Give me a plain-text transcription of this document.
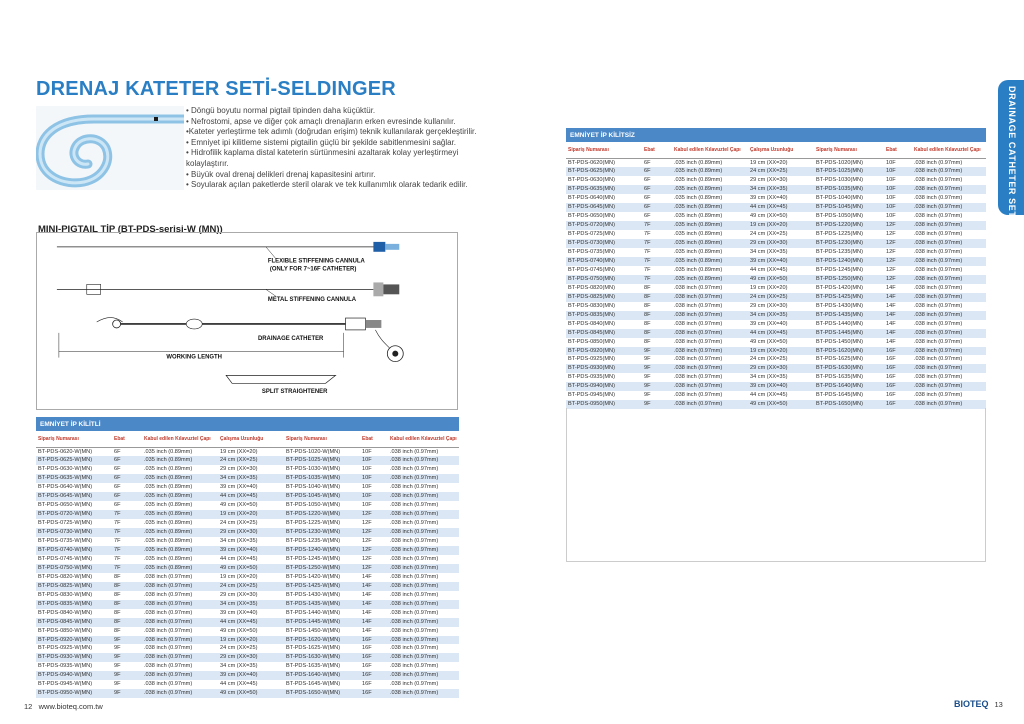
DRENAJ KATETER SETİ-SELDINGER
• Döngü boyutu normal pigtail tipinden daha küçüktür.
• Nefrostomi, apse ve diğer çok amaçlı drenajların erken evresinde kullanılır.
•Kateter yerleştirme tek adımlı (doğrudan erişim) teknik kullanılarak gerçekleştirilir.
• Emniyet ipi kilitleme sistemi pigtailin güçlü bir şekilde sabitlenmesini sağlar.
• Hidrofilik kaplama distal kateterin sürtünmesini azaltarak kolay yerleştirmeyi kolaylaştırır.
• Büyük oval drenaj delikleri drenaj kapasitesini artırır.
• Soyularak açılan paketlerde steril olarak ve tek kullanımlık olarak tedarik edilir.
MINI-PIGTAIL TİP (BT-PDS-serisi-W (MN))
FLEXIBLE STIFFENING CANNULA
(ONLY FOR 7~16F CATHETER)
METAL STIFFENING CANNULA
DRAINAGE CATHETER
WORKING LENGTH
SPLIT STRAIGHTENER
EMNİYET İP KİLİTLİ
Sipariş Numarası	Ebat	Kabul edilen Kılavuztel Çapı	Çalışma Uzunluğu	Sipariş Numarası	Ebat	Kabul edilen Kılavuztel Çapı
BT-PDS-0620-W(MN)	6F	.035 inch (0.89mm)	19 cm (XX=20)	BT-PDS-1020-W(MN)	10F	.038 inch (0.97mm)
BT-PDS-0625-W(MN)	6F	.035 inch (0.89mm)	24 cm (XX=25)	BT-PDS-1025-W(MN)	10F	.038 inch (0.97mm)
BT-PDS-0630-W(MN)	6F	.035 inch (0.89mm)	29 cm (XX=30)	BT-PDS-1030-W(MN)	10F	.038 inch (0.97mm)
BT-PDS-0635-W(MN)	6F	.035 inch (0.89mm)	34 cm (XX=35)	BT-PDS-1035-W(MN)	10F	.038 inch (0.97mm)
BT-PDS-0640-W(MN)	6F	.035 inch (0.89mm)	39 cm (XX=40)	BT-PDS-1040-W(MN)	10F	.038 inch (0.97mm)
BT-PDS-0645-W(MN)	6F	.035 inch (0.89mm)	44 cm (XX=45)	BT-PDS-1045-W(MN)	10F	.038 inch (0.97mm)
BT-PDS-0650-W(MN)	6F	.035 inch (0.89mm)	49 cm (XX=50)	BT-PDS-1050-W(MN)	10F	.038 inch (0.97mm)
BT-PDS-0720-W(MN)	7F	.035 inch (0.89mm)	19 cm (XX=20)	BT-PDS-1220-W(MN)	12F	.038 inch (0.97mm)
BT-PDS-0725-W(MN)	7F	.035 inch (0.89mm)	24 cm (XX=25)	BT-PDS-1225-W(MN)	12F	.038 inch (0.97mm)
BT-PDS-0730-W(MN)	7F	.035 inch (0.89mm)	29 cm (XX=30)	BT-PDS-1230-W(MN)	12F	.038 inch (0.97mm)
BT-PDS-0735-W(MN)	7F	.035 inch (0.89mm)	34 cm (XX=35)	BT-PDS-1235-W(MN)	12F	.038 inch (0.97mm)
BT-PDS-0740-W(MN)	7F	.035 inch (0.89mm)	39 cm (XX=40)	BT-PDS-1240-W(MN)	12F	.038 inch (0.97mm)
BT-PDS-0745-W(MN)	7F	.035 inch (0.89mm)	44 cm (XX=45)	BT-PDS-1245-W(MN)	12F	.038 inch (0.97mm)
BT-PDS-0750-W(MN)	7F	.035 inch (0.89mm)	49 cm (XX=50)	BT-PDS-1250-W(MN)	12F	.038 inch (0.97mm)
BT-PDS-0820-W(MN)	8F	.038 inch (0.97mm)	19 cm (XX=20)	BT-PDS-1420-W(MN)	14F	.038 inch (0.97mm)
BT-PDS-0825-W(MN)	8F	.038 inch (0.97mm)	24 cm (XX=25)	BT-PDS-1425-W(MN)	14F	.038 inch (0.97mm)
BT-PDS-0830-W(MN)	8F	.038 inch (0.97mm)	29 cm (XX=30)	BT-PDS-1430-W(MN)	14F	.038 inch (0.97mm)
BT-PDS-0835-W(MN)	8F	.038 inch (0.97mm)	34 cm (XX=35)	BT-PDS-1435-W(MN)	14F	.038 inch (0.97mm)
BT-PDS-0840-W(MN)	8F	.038 inch (0.97mm)	39 cm (XX=40)	BT-PDS-1440-W(MN)	14F	.038 inch (0.97mm)
BT-PDS-0845-W(MN)	8F	.038 inch (0.97mm)	44 cm (XX=45)	BT-PDS-1445-W(MN)	14F	.038 inch (0.97mm)
BT-PDS-0850-W(MN)	8F	.038 inch (0.97mm)	49 cm (XX=50)	BT-PDS-1450-W(MN)	14F	.038 inch (0.97mm)
BT-PDS-0920-W(MN)	9F	.038 inch (0.97mm)	19 cm (XX=20)	BT-PDS-1620-W(MN)	16F	.038 inch (0.97mm)
BT-PDS-0925-W(MN)	9F	.038 inch (0.97mm)	24 cm (XX=25)	BT-PDS-1625-W(MN)	16F	.038 inch (0.97mm)
BT-PDS-0930-W(MN)	9F	.038 inch (0.97mm)	29 cm (XX=30)	BT-PDS-1630-W(MN)	16F	.038 inch (0.97mm)
BT-PDS-0935-W(MN)	9F	.038 inch (0.97mm)	34 cm (XX=35)	BT-PDS-1635-W(MN)	16F	.038 inch (0.97mm)
BT-PDS-0940-W(MN)	9F	.038 inch (0.97mm)	39 cm (XX=40)	BT-PDS-1640-W(MN)	16F	.038 inch (0.97mm)
BT-PDS-0945-W(MN)	9F	.038 inch (0.97mm)	44 cm (XX=45)	BT-PDS-1645-W(MN)	16F	.038 inch (0.97mm)
BT-PDS-0950-W(MN)	9F	.038 inch (0.97mm)	49 cm (XX=50)	BT-PDS-1650-W(MN)	16F	.038 inch (0.97mm)
EMNİYET İP KİLİTSİZ
Sipariş Numarası	Ebat	Kabul edilen Kılavuztel Çapı	Çalışma Uzunluğu	Sipariş Numarası	Ebat	Kabul edilen Kılavuztel Çapı
BT-PDS-0620(MN)	6F	.035 inch (0.89mm)	19 cm (XX=20)	BT-PDS-1020(MN)	10F	.038 inch (0.97mm)
BT-PDS-0625(MN)	6F	.035 inch (0.89mm)	24 cm (XX=25)	BT-PDS-1025(MN)	10F	.038 inch (0.97mm)
BT-PDS-0630(MN)	6F	.035 inch (0.89mm)	29 cm (XX=30)	BT-PDS-1030(MN)	10F	.038 inch (0.97mm)
BT-PDS-0635(MN)	6F	.035 inch (0.89mm)	34 cm (XX=35)	BT-PDS-1035(MN)	10F	.038 inch (0.97mm)
BT-PDS-0640(MN)	6F	.035 inch (0.89mm)	39 cm (XX=40)	BT-PDS-1040(MN)	10F	.038 inch (0.97mm)
BT-PDS-0645(MN)	6F	.035 inch (0.89mm)	44 cm (XX=45)	BT-PDS-1045(MN)	10F	.038 inch (0.97mm)
BT-PDS-0650(MN)	6F	.035 inch (0.89mm)	49 cm (XX=50)	BT-PDS-1050(MN)	10F	.038 inch (0.97mm)
BT-PDS-0720(MN)	7F	.035 inch (0.89mm)	19 cm (XX=20)	BT-PDS-1220(MN)	12F	.038 inch (0.97mm)
BT-PDS-0725(MN)	7F	.035 inch (0.89mm)	24 cm (XX=25)	BT-PDS-1225(MN)	12F	.038 inch (0.97mm)
BT-PDS-0730(MN)	7F	.035 inch (0.89mm)	29 cm (XX=30)	BT-PDS-1230(MN)	12F	.038 inch (0.97mm)
BT-PDS-0735(MN)	7F	.035 inch (0.89mm)	34 cm (XX=35)	BT-PDS-1235(MN)	12F	.038 inch (0.97mm)
BT-PDS-0740(MN)	7F	.035 inch (0.89mm)	39 cm (XX=40)	BT-PDS-1240(MN)	12F	.038 inch (0.97mm)
BT-PDS-0745(MN)	7F	.035 inch (0.89mm)	44 cm (XX=45)	BT-PDS-1245(MN)	12F	.038 inch (0.97mm)
BT-PDS-0750(MN)	7F	.035 inch (0.89mm)	49 cm (XX=50)	BT-PDS-1250(MN)	12F	.038 inch (0.97mm)
BT-PDS-0820(MN)	8F	.038 inch (0.97mm)	19 cm (XX=20)	BT-PDS-1420(MN)	14F	.038 inch (0.97mm)
BT-PDS-0825(MN)	8F	.038 inch (0.97mm)	24 cm (XX=25)	BT-PDS-1425(MN)	14F	.038 inch (0.97mm)
BT-PDS-0830(MN)	8F	.038 inch (0.97mm)	29 cm (XX=30)	BT-PDS-1430(MN)	14F	.038 inch (0.97mm)
BT-PDS-0835(MN)	8F	.038 inch (0.97mm)	34 cm (XX=35)	BT-PDS-1435(MN)	14F	.038 inch (0.97mm)
BT-PDS-0840(MN)	8F	.038 inch (0.97mm)	39 cm (XX=40)	BT-PDS-1440(MN)	14F	.038 inch (0.97mm)
BT-PDS-0845(MN)	8F	.038 inch (0.97mm)	44 cm (XX=45)	BT-PDS-1445(MN)	14F	.038 inch (0.97mm)
BT-PDS-0850(MN)	8F	.038 inch (0.97mm)	49 cm (XX=50)	BT-PDS-1450(MN)	14F	.038 inch (0.97mm)
BT-PDS-0920(MN)	9F	.038 inch (0.97mm)	19 cm (XX=20)	BT-PDS-1620(MN)	16F	.038 inch (0.97mm)
BT-PDS-0925(MN)	9F	.038 inch (0.97mm)	24 cm (XX=25)	BT-PDS-1625(MN)	16F	.038 inch (0.97mm)
BT-PDS-0930(MN)	9F	.038 inch (0.97mm)	29 cm (XX=30)	BT-PDS-1630(MN)	16F	.038 inch (0.97mm)
BT-PDS-0935(MN)	9F	.038 inch (0.97mm)	34 cm (XX=35)	BT-PDS-1635(MN)	16F	.038 inch (0.97mm)
BT-PDS-0940(MN)	9F	.038 inch (0.97mm)	39 cm (XX=40)	BT-PDS-1640(MN)	16F	.038 inch (0.97mm)
BT-PDS-0945(MN)	9F	.038 inch (0.97mm)	44 cm (XX=45)	BT-PDS-1645(MN)	16F	.038 inch (0.97mm)
BT-PDS-0950(MN)	9F	.038 inch (0.97mm)	49 cm (XX=50)	BT-PDS-1650(MN)	16F	.038 inch (0.97mm)
DRAINAGE CATHETER SET
12 www.bioteq.com.tw	BIOTEQ 13
